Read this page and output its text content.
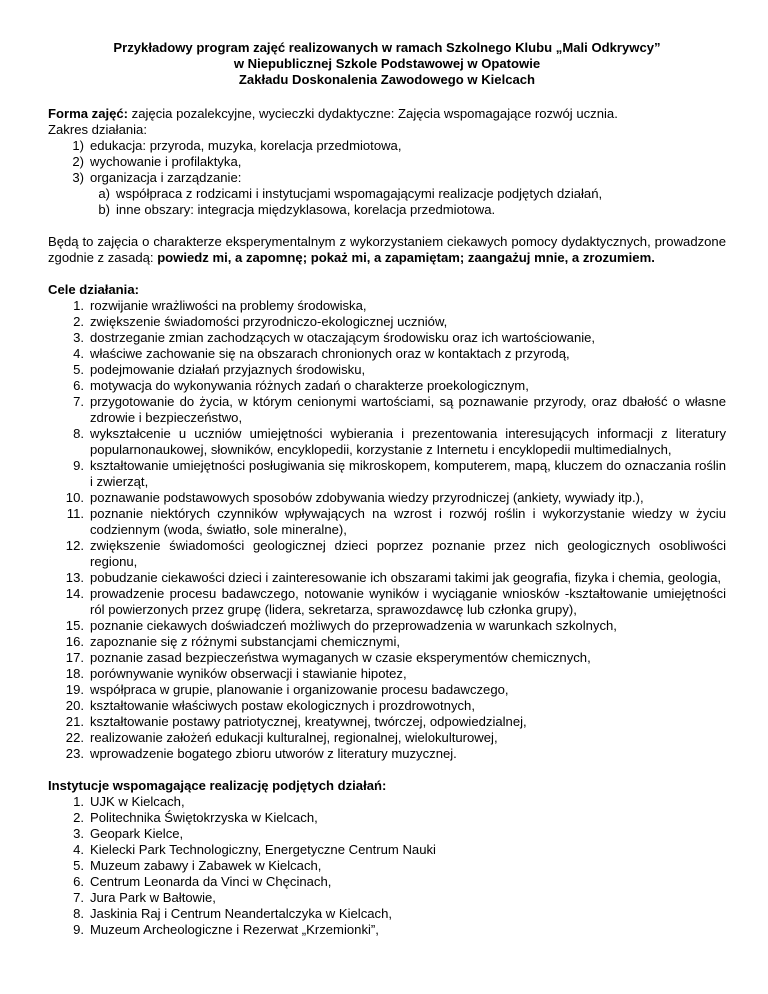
Przykładowy program zajęć realizowanych w ramach Szkolnego Klubu „Mali Odkrywcy”
w Niepublicznej Szkole Podstawowej w Opatowie
Zakładu Doskonalenia Zawodowego w Kielcach
Forma zajęć: zajęcia pozalekcyjne, wycieczki dydaktyczne: Zajęcia wspomagające rozwój ucznia.
Zakres działania:
1) edukacja: przyroda, muzyka, korelacja przedmiotowa,
2) wychowanie i profilaktyka,
3) organizacja i zarządzanie:
a) współpraca z rodzicami i instytucjami wspomagającymi realizacje podjętych działań,
b) inne obszary: integracja międzyklasowa, korelacja przedmiotowa.
Będą to zajęcia o charakterze eksperymentalnym z wykorzystaniem ciekawych pomocy dydaktycznych, prowadzone zgodnie z zasadą: powiedz mi, a zapomnę; pokaż mi, a zapamiętam; zaangażuj mnie, a zrozumiem.
Cele działania:
1. rozwijanie wrażliwości na problemy środowiska,
2. zwiększenie świadomości przyrodniczo-ekologicznej uczniów,
3. dostrzeganie zmian zachodzących w otaczającym środowisku oraz ich wartościowanie,
4. właściwe zachowanie się na obszarach chronionych oraz w kontaktach z przyrodą,
5. podejmowanie działań przyjaznych środowisku,
6. motywacja do wykonywania różnych zadań o charakterze proekologicznym,
7. przygotowanie do życia, w którym cenionymi wartościami, są poznawanie przyrody, oraz dbałość o własne zdrowie i bezpieczeństwo,
8. wykształcenie u uczniów umiejętności wybierania i prezentowania interesujących informacji z literatury popularnonaukowej, słowników, encyklopedii, korzystanie z Internetu i encyklopedii multimedialnych,
9. kształtowanie umiejętności posługiwania się mikroskopem, komputerem, mapą, kluczem do oznaczania roślin i zwierząt,
10. poznawanie podstawowych sposobów zdobywania wiedzy przyrodniczej (ankiety, wywiady itp.),
11. poznanie niektórych czynników wpływających na wzrost i rozwój roślin i wykorzystanie wiedzy w życiu codziennym (woda, światło, sole mineralne),
12. zwiększenie świadomości geologicznej dzieci poprzez poznanie przez nich geologicznych osobliwości regionu,
13. pobudzanie ciekawości dzieci i zainteresowanie ich obszarami takimi jak geografia, fizyka i chemia, geologia,
14. prowadzenie procesu badawczego, notowanie wyników i wyciąganie wniosków -kształtowanie umiejętności ról powierzonych przez grupę (lidera, sekretarza, sprawozdawcę lub członka grupy),
15. poznanie ciekawych doświadczeń możliwych do przeprowadzenia w warunkach szkolnych,
16. zapoznanie się z różnymi substancjami chemicznymi,
17. poznanie zasad bezpieczeństwa wymaganych w czasie eksperymentów chemicznych,
18. porównywanie wyników obserwacji i stawianie hipotez,
19. współpraca w grupie, planowanie i organizowanie procesu badawczego,
20. kształtowanie właściwych postaw ekologicznych i prozdrowotnych,
21. kształtowanie postawy patriotycznej, kreatywnej, twórczej, odpowiedzialnej,
22. realizowanie założeń edukacji kulturalnej, regionalnej, wielokulturowej,
23. wprowadzenie bogatego zbioru utworów z literatury muzycznej.
Instytucje wspomagające realizację podjętych działań:
1. UJK w Kielcach,
2. Politechnika Świętokrzyska w Kielcach,
3. Geopark Kielce,
4. Kielecki Park Technologiczny, Energetyczne Centrum Nauki
5. Muzeum zabawy i Zabawek w Kielcach,
6. Centrum Leonarda da Vinci w Chęcinach,
7. Jura Park w Bałtowie,
8. Jaskinia Raj i Centrum Neandertalczyka w Kielcach,
9. Muzeum Archeologiczne i Rezerwat „Krzemionki”,
